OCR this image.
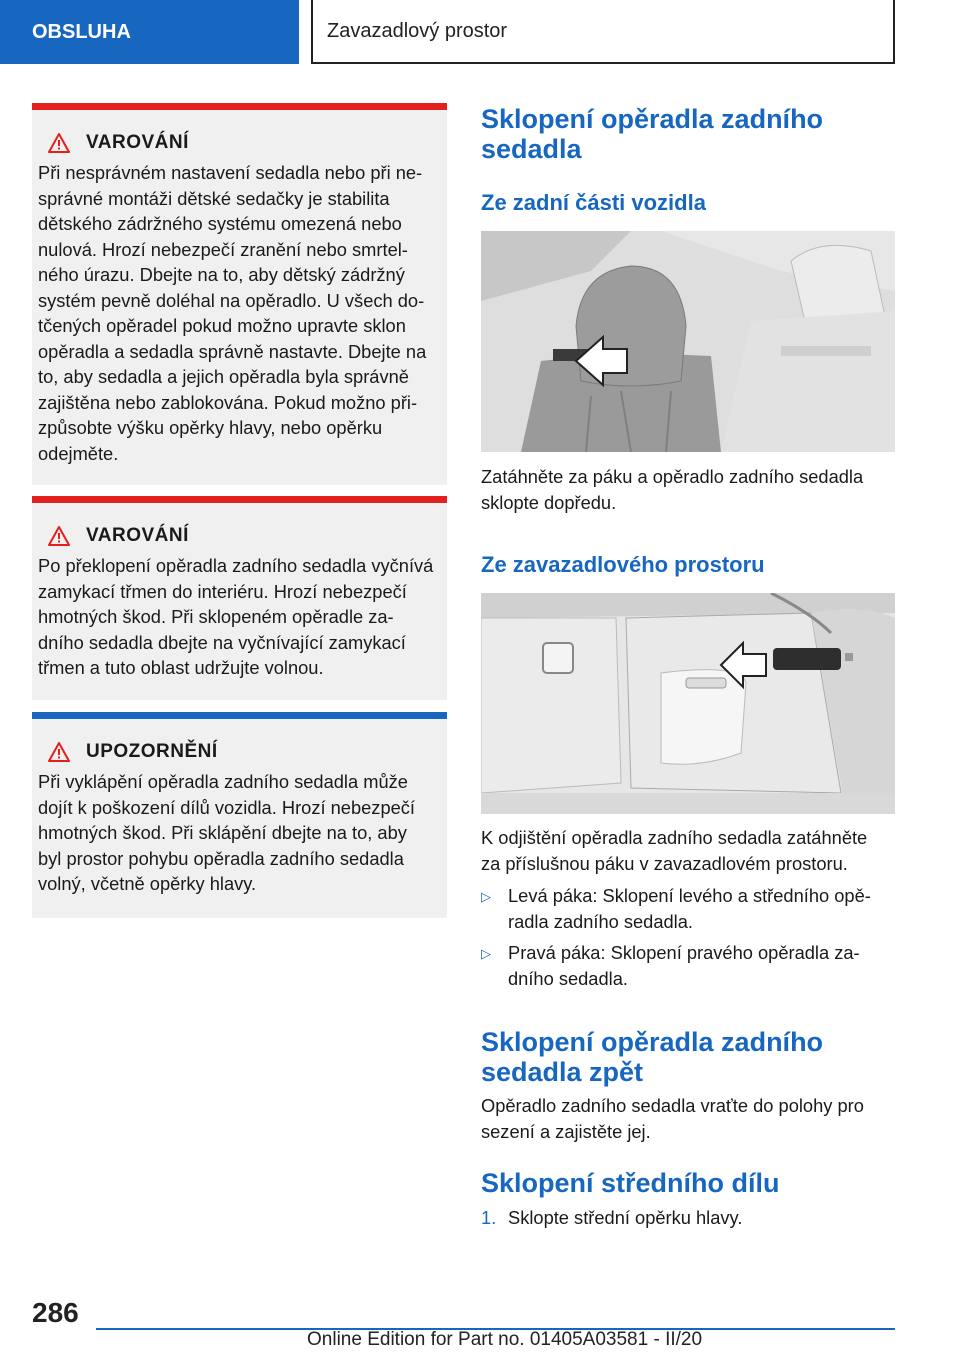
OBSLUHA	Zavazadlový prostor
VAROVÁNÍ
Při nesprávném nastavení sedadla nebo při ne-
správné montáži dětské sedačky je stabilita
dětského zádržného systému omezená nebo
nulová. Hrozí nebezpečí zranění nebo smrtel-
ného úrazu. Dbejte na to, aby dětský zádržný
systém pevně doléhal na opěradlo. U všech do-
tčených opěradel pokud možno upravte sklon
opěradla a sedadla správně nastavte. Dbejte na
to, aby sedadla a jejich opěradla byla správně
zajištěna nebo zablokována. Pokud možno při-
způsobte výšku opěrky hlavy, nebo opěrku
odejměte.
VAROVÁNÍ
Po překlopení opěradla zadního sedadla vyčnívá
zamykací třmen do interiéru. Hrozí nebezpečí
hmotných škod. Při sklopeném opěradle za-
dního sedadla dbejte na vyčnívající zamykací
třmen a tuto oblast udržujte volnou.
UPOZORNĚNÍ
Při vyklápění opěradla zadního sedadla může
dojít k poškození dílů vozidla. Hrozí nebezpečí
hmotných škod. Při sklápění dbejte na to, aby
byl prostor pohybu opěradla zadního sedadla
volný, včetně opěrky hlavy.
Sklopení opěradla zadního
sedadla
Ze zadní části vozidla
Zatáhněte za páku a opěradlo zadního sedadla
sklopte dopředu.
Ze zavazadlového prostoru
K odjištění opěradla zadního sedadla zatáhněte
za příslušnou páku v zavazadlovém prostoru.
▷ Levá páka: Sklopení levého a středního opě-
radla zadního sedadla.
▷ Pravá páka: Sklopení pravého opěradla za-
dního sedadla.
Sklopení opěradla zadního
sedadla zpět
Opěradlo zadního sedadla vraťte do polohy pro
sezení a zajistěte jej.
Sklopení středního dílu
1. Sklopte střední opěrku hlavy.
286
Online Edition for Part no. 01405A03581 - II/20
